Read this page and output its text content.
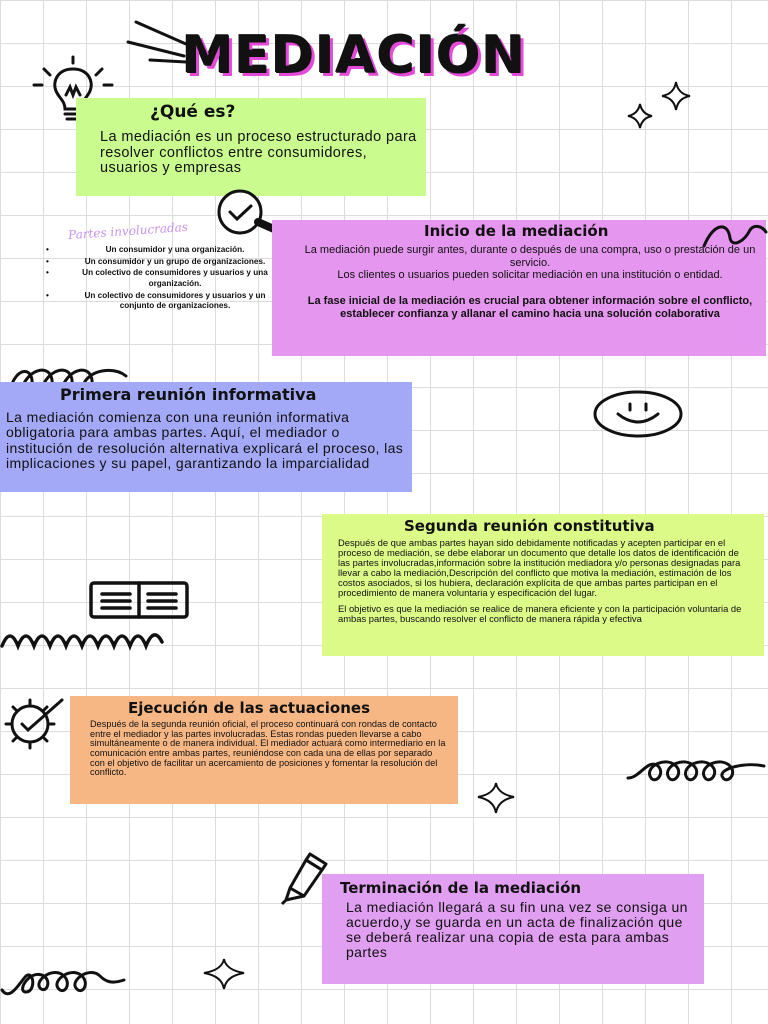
MEDIACIÓN
¿Qué es?

La mediación es un proceso estructurado para resolver conflictos entre consumidores, usuarios y empresas

Partes involucradas
• Un consumidor y una organización.
• Un consumidor y un grupo de organizaciones.
• Un colectivo de consumidores y usuarios y una organización.
• Un colectivo de consumidores y usuarios y un conjunto de organizaciones.
Inicio de la mediación

La mediación puede surgir antes, durante o después de una compra, uso o prestación de un servicio.

Los clientes o usuarios pueden solicitar mediación en una institución o entidad.

La fase inicial de la mediación es crucial para obtener información sobre el conflicto, establecer confianza y allanar el camino hacia una solución colaborativa

Primera reunión informativa

La mediación comienza con una reunión informativa obligatoria para ambas partes. Aquí, el mediador o institución de resolución alternativa explicará el proceso, las implicaciones y su papel, garantizando la imparcialidad

Segunda reunión constitutiva

Después de que ambas partes hayan sido debidamente notificadas y acepten participar en el proceso de mediación, se debe elaborar un documento que detalle los datos de identificación de las partes involucradas,información sobre la institución mediadora y/o personas designadas para llevar a cabo la mediación,Descripción del conflicto que motiva la mediación, estimación de los costos asociados, si los hubiera, declaración explícita de que ambas partes participan en el procedimiento de manera voluntaria y especificación del lugar.

El objetivo es que la mediación se realice de manera eficiente y con la participación voluntaria de ambas partes, buscando resolver el conflicto de manera rápida y efectiva

Ejecución de las actuaciones

Después de la segunda reunión oficial, el proceso continuará con rondas de contacto entre el mediador y las partes involucradas. Estas rondas pueden llevarse a cabo simultáneamente o de manera individual. El mediador actuará como intermediario en la comunicación entre ambas partes, reuniéndose con cada una de ellas por separado con el objetivo de facilitar un acercamiento de posiciones y fomentar la resolución del conflicto.

Terminación de la mediación

La mediación llegará a su fin una vez se consiga un acuerdo,y se guarda en un acta de finalización que se deberá realizar una copia de esta para ambas partes
